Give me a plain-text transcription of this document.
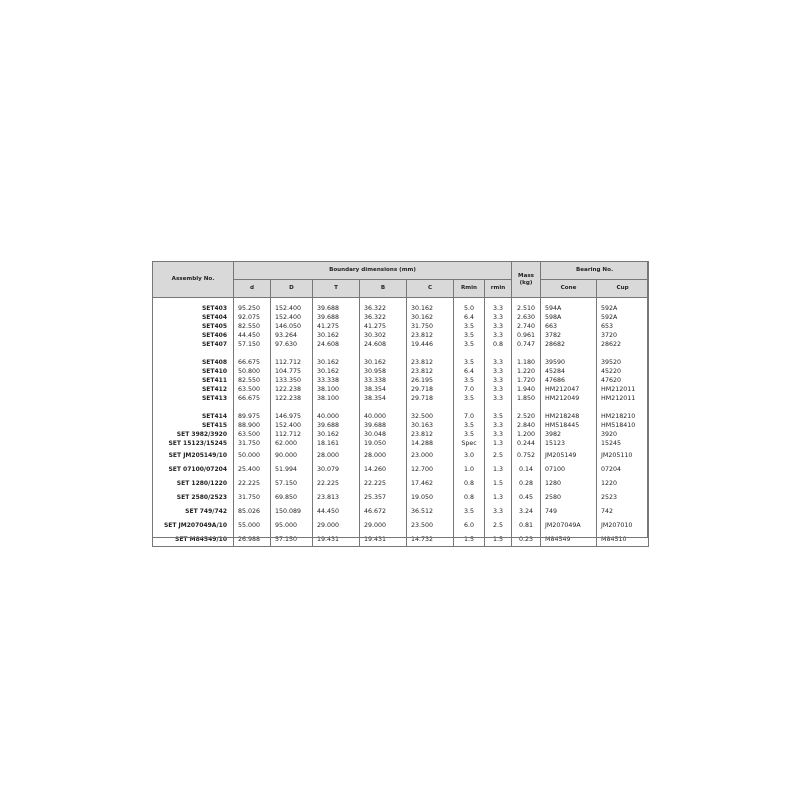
Assembly No.	Boundary dimensions (mm)							Mass (kg)	Bearing No.	
	d	D	T	B	C	Rmin	rmin		Cone	Cup
SET403	95.250	152.400	39.688	36.322	30.162	5.0	3.3	2.510	594A	592A
SET404	92.075	152.400	39.688	36.322	30.162	6.4	3.3	2.630	598A	592A
SET405	82.550	146.050	41.275	41.275	31.750	3.5	3.3	2.740	663	653
SET406	44.450	93.264	30.162	30.302	23.812	3.5	3.3	0.961	3782	3720
SET407	57.150	97.630	24.608	24.608	19.446	3.5	0.8	0.747	28682	28622
SET408	66.675	112.712	30.162	30.162	23.812	3.5	3.3	1.180	39590	39520
SET410	50.800	104.775	30.162	30.958	23.812	6.4	3.3	1.220	45284	45220
SET411	82.550	133.350	33.338	33.338	26.195	3.5	3.3	1.720	47686	47620
SET412	63.500	122.238	38.100	38.354	29.718	7.0	3.3	1.940	HM212047	HM212011
SET413	66.675	122.238	38.100	38.354	29.718	3.5	3.3	1.850	HM212049	HM212011
SET414	89.975	146.975	40.000	40.000	32.500	7.0	3.5	2.520	HM218248	HM218210
SET415	88.900	152.400	39.688	39.688	30.163	3.5	3.3	2.840	HM518445	HM518410
SET 3982/3920	63.500	112.712	30.162	30.048	23.812	3.5	3.3	1.200	3982	3920
SET 15123/15245	31.750	62.000	18.161	19.050	14.288	Spec	1.3	0.244	15123	15245
SET JM205149/10	50.000	90.000	28.000	28.000	23.000	3.0	2.5	0.752	JM205149	JM205110
SET 07100/07204	25.400	51.994	30.079	14.260	12.700	1.0	1.3	0.14	07100	07204
SET 1280/1220	22.225	57.150	22.225	22.225	17.462	0.8	1.5	0.28	1280	1220
SET 2580/2523	31.750	69.850	23.813	25.357	19.050	0.8	1.3	0.45	2580	2523
SET 749/742	85.026	150.089	44.450	46.672	36.512	3.5	3.3	3.24	749	742
SET JM207049A/10	55.000	95.000	29.000	29.000	23.500	6.0	2.5	0.81	JM207049A	JM207010
SET M84549/10	26.988	57.150	19.431	19.431	14.732	1.5	1.5	0.23	M84549	M84510
